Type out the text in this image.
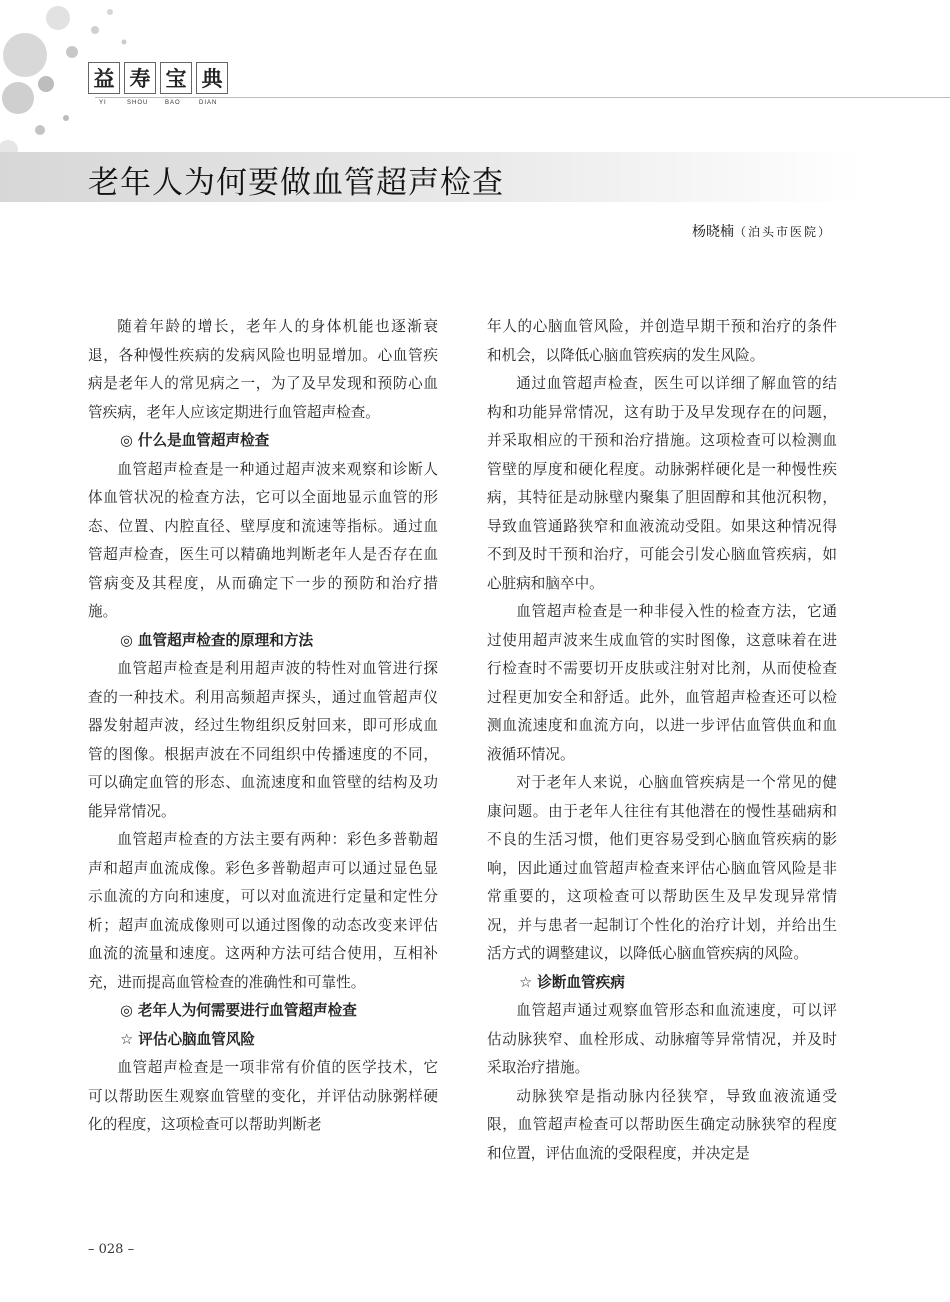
益 寿 宝 典
YI	SHOU	BAO	DIAN
老年人为何要做血管超声检查
杨晓楠（泊头市医院）

随着年龄的增长，老年人的身体机能也逐渐衰退，各种慢性疾病的发病风险也明显增加。心血管疾病是老年人的常见病之一，为了及早发现和预防心血管疾病，老年人应该定期进行血管超声检查。

◎ 什么是血管超声检查

血管超声检查是一种通过超声波来观察和诊断人体血管状况的检查方法，它可以全面地显示血管的形态、位置、内腔直径、壁厚度和流速等指标。通过血管超声检查，医生可以精确地判断老年人是否存在血管病变及其程度，从而确定下一步的预防和治疗措施。

◎ 血管超声检查的原理和方法

血管超声检查是利用超声波的特性对血管进行探查的一种技术。利用高频超声探头，通过血管超声仪器发射超声波，经过生物组织反射回来，即可形成血管的图像。根据声波在不同组织中传播速度的不同，可以确定血管的形态、血流速度和血管壁的结构及功能异常情况。

血管超声检查的方法主要有两种：彩色多普勒超声和超声血流成像。彩色多普勒超声可以通过显色显示血流的方向和速度，可以对血流进行定量和定性分析；超声血流成像则可以通过图像的动态改变来评估血流的流量和速度。这两种方法可结合使用，互相补充，进而提高血管检查的准确性和可靠性。

◎ 老年人为何需要进行血管超声检查
☆ 评估心脑血管风险

血管超声检查是一项非常有价值的医学技术，它可以帮助医生观察血管壁的变化，并评估动脉粥样硬化的程度，这项检查可以帮助判断老

年人的心脑血管风险，并创造早期干预和治疗的条件和机会，以降低心脑血管疾病的发生风险。

通过血管超声检查，医生可以详细了解血管的结构和功能异常情况，这有助于及早发现存在的问题，并采取相应的干预和治疗措施。这项检查可以检测血管壁的厚度和硬化程度。动脉粥样硬化是一种慢性疾病，其特征是动脉壁内聚集了胆固醇和其他沉积物，导致血管通路狭窄和血液流动受阻。如果这种情况得不到及时干预和治疗，可能会引发心脑血管疾病，如心脏病和脑卒中。

血管超声检查是一种非侵入性的检查方法，它通过使用超声波来生成血管的实时图像，这意味着在进行检查时不需要切开皮肤或注射对比剂，从而使检查过程更加安全和舒适。此外，血管超声检查还可以检测血流速度和血流方向，以进一步评估血管供血和血液循环情况。

对于老年人来说，心脑血管疾病是一个常见的健康问题。由于老年人往往有其他潜在的慢性基础病和不良的生活习惯，他们更容易受到心脑血管疾病的影响，因此通过血管超声检查来评估心脑血管风险是非常重要的，这项检查可以帮助医生及早发现异常情况，并与患者一起制订个性化的治疗计划，并给出生活方式的调整建议，以降低心脑血管疾病的风险。

☆ 诊断血管疾病

血管超声通过观察血管形态和血流速度，可以评估动脉狭窄、血栓形成、动脉瘤等异常情况，并及时采取治疗措施。

动脉狭窄是指动脉内径狭窄，导致血液流通受限，血管超声检查可以帮助医生确定动脉狭窄的程度和位置，评估血流的受限程度，并决定是

– 028 –
